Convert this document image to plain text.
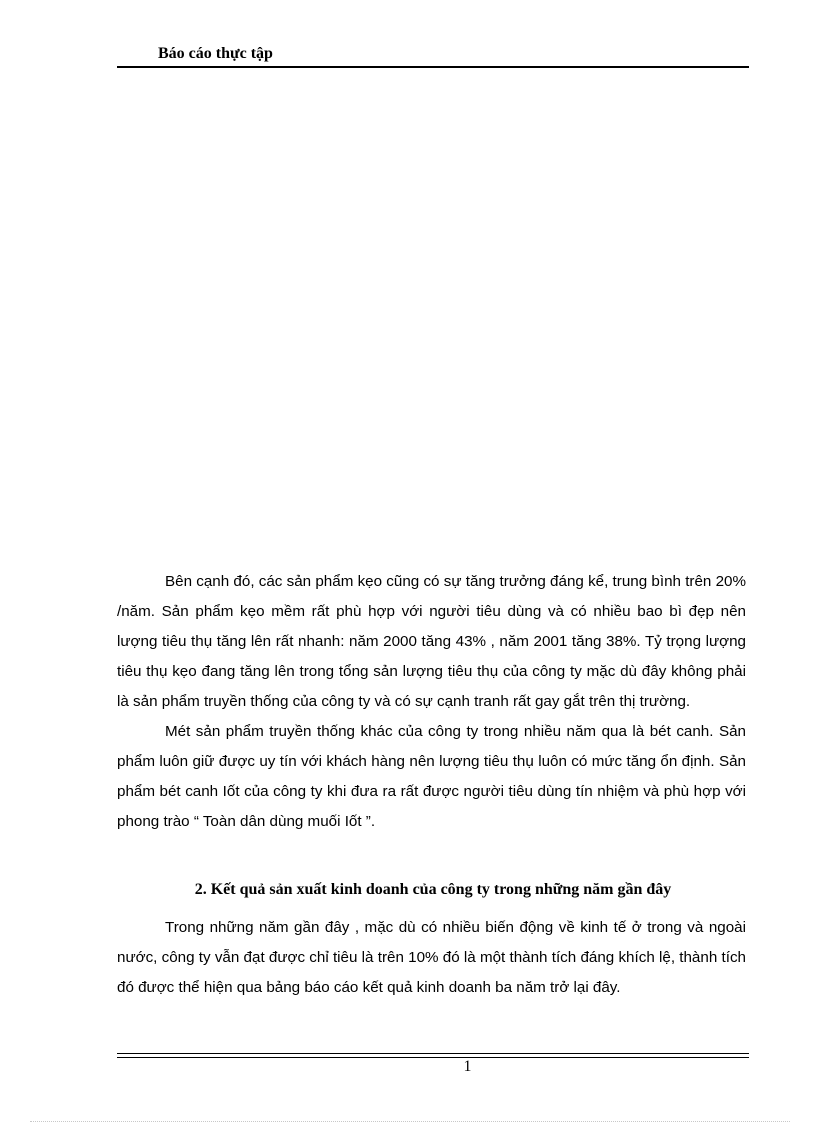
Báo cáo thực tập

Bên cạnh đó, các sản phẩm kẹo cũng có sự tăng trưởng đáng kể, trung bình trên 20% /năm. Sản phẩm kẹo mềm rất phù hợp với người tiêu dùng và có nhiều bao bì đẹp nên lượng tiêu thụ tăng lên rất nhanh: năm 2000 tăng 43% , năm 2001 tăng 38%. Tỷ trọng lượng tiêu thụ kẹo đang tăng lên trong tổng sản lượng tiêu thụ của công ty mặc dù đây không phải là sản phẩm truyền thống của công ty và có sự cạnh tranh rất gay gắt trên thị trường.

Mét sản phẩm truyền thống khác của công ty trong nhiều năm qua là bét canh. Sản phẩm luôn giữ được uy tín với khách hàng nên lượng tiêu thụ luôn có mức tăng ổn định. Sản phẩm bét canh Iốt của công ty khi đưa ra rất được người tiêu dùng tín nhiệm và phù hợp với phong trào “ Toàn dân dùng muối Iốt ”.

2. Kết quả sản xuất kinh doanh của công ty trong những năm gần đây

Trong những năm gần đây , mặc dù có nhiều biến động về kinh tế ở trong và ngoài nước, công ty vẫn đạt được chỉ tiêu là trên 10% đó là một thành tích đáng khích lệ, thành tích đó được thể hiện qua bảng báo cáo kết quả kinh doanh ba năm trở lại đây.

1
